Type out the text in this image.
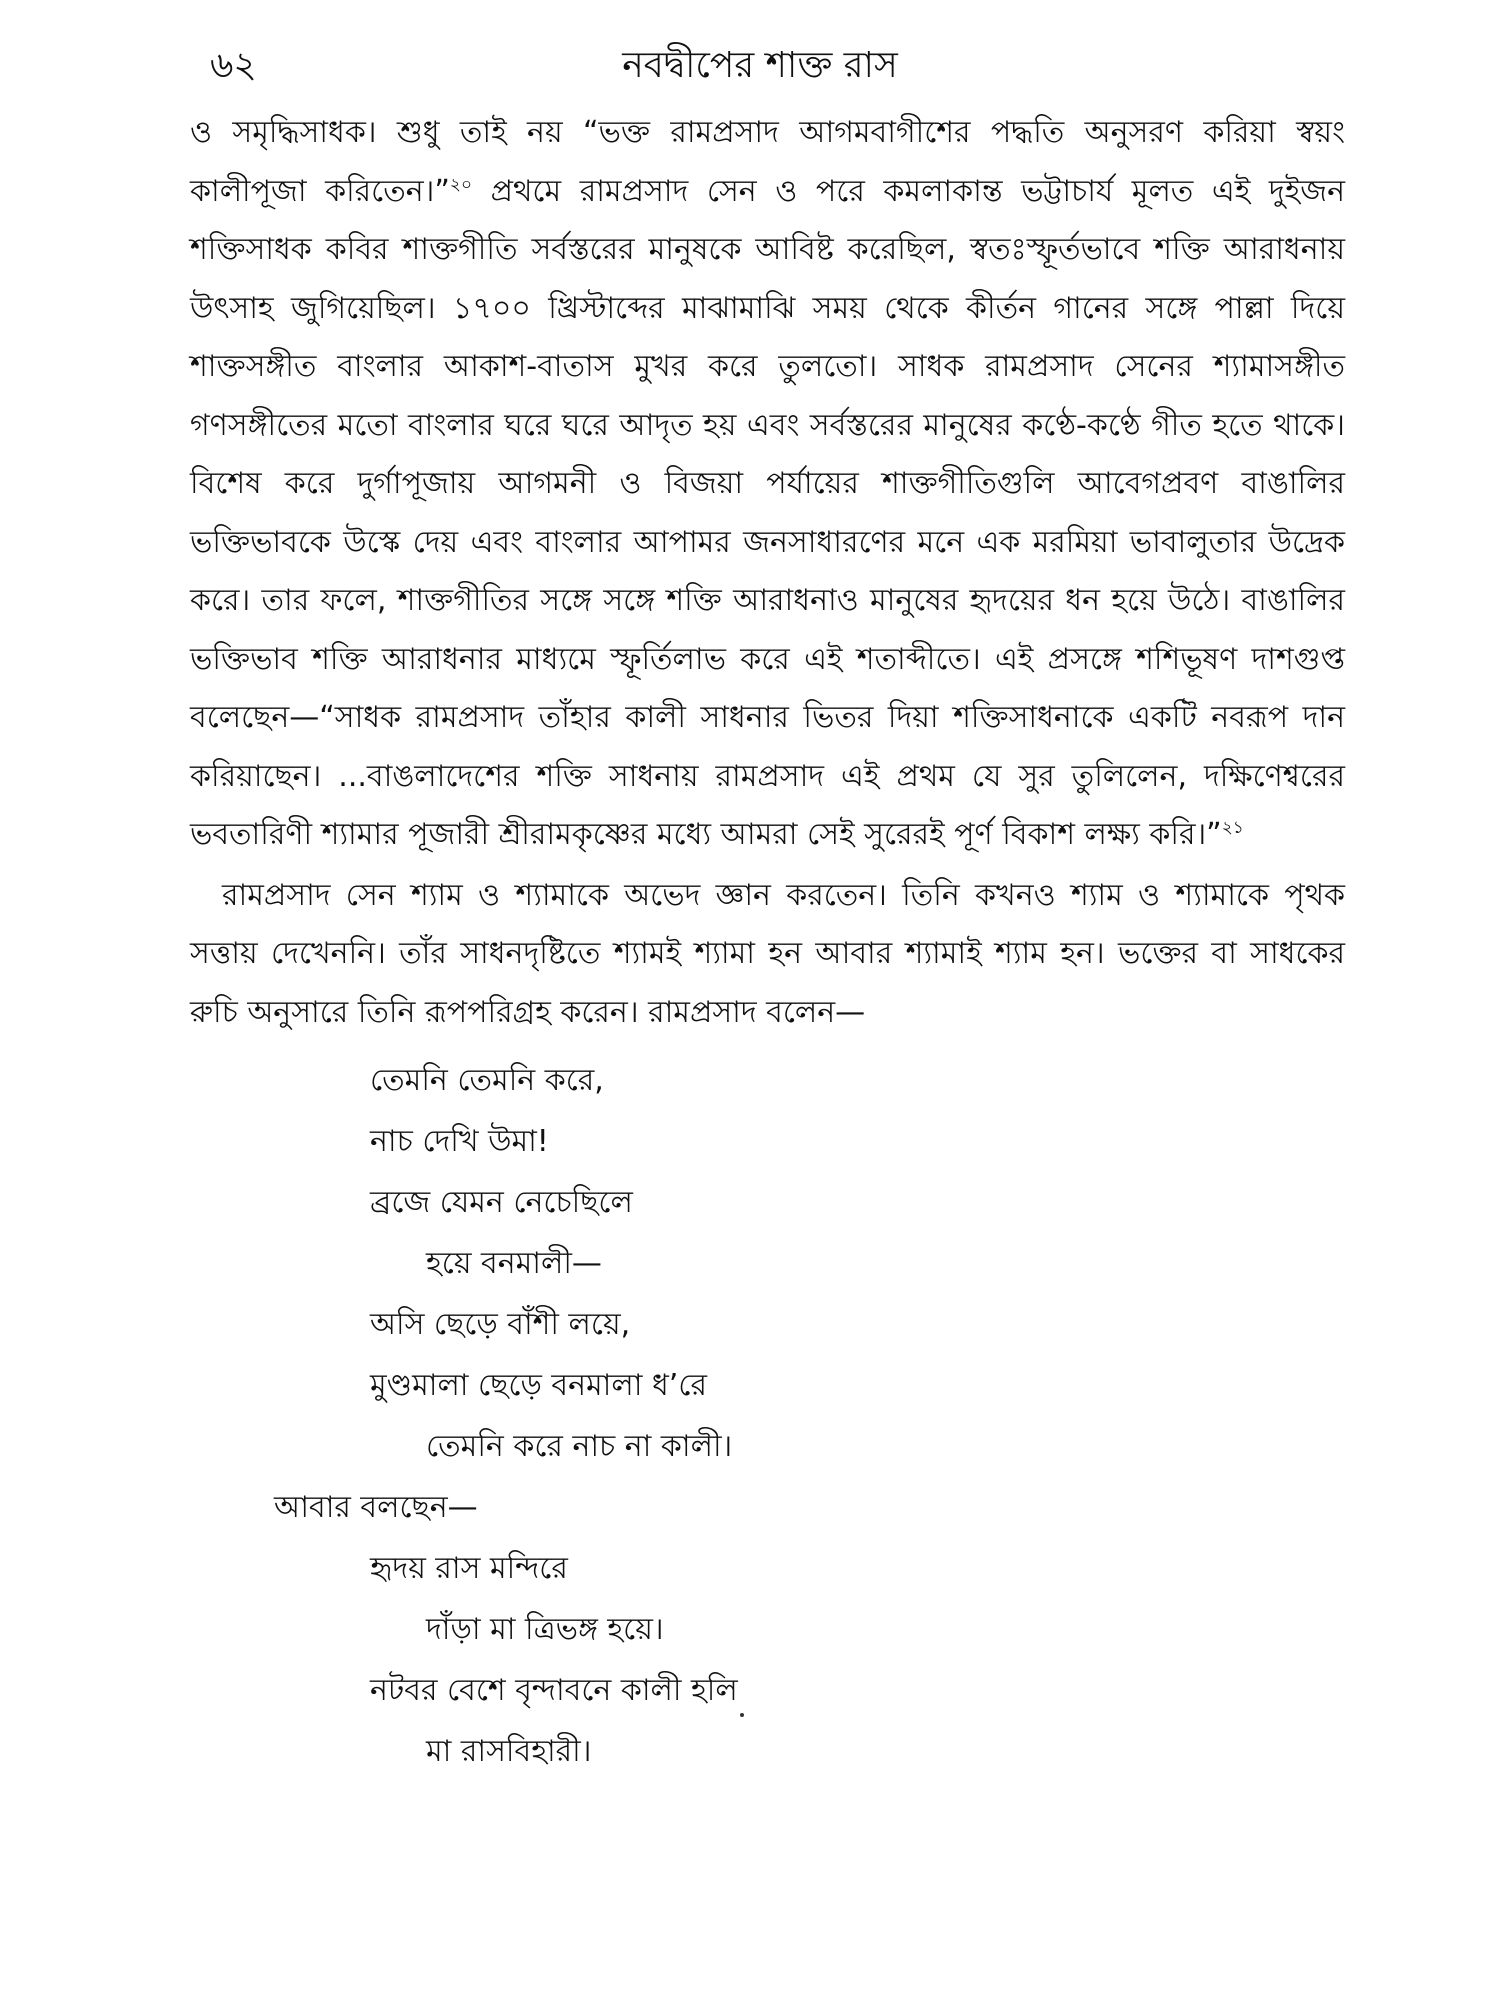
৬২	নবদ্বীপের শাক্ত রাস

ও সমৃদ্ধিসাধক। শুধু তাই নয় “ভক্ত রামপ্রসাদ আগমবাগীশের পদ্ধতি অনুসরণ করিয়া স্বয়ং কালীপূজা করিতেন।”$^{২০}$ প্রথমে রামপ্রসাদ সেন ও পরে কমলাকান্ত ভট্টাচার্য মূলত এই দুইজন শক্তিসাধক কবির শাক্তগীতি সর্বস্তরের মানুষকে আবিষ্ট করেছিল, স্বতঃস্ফূর্তভাবে শক্তি আরাধনায় উৎসাহ জুগিয়েছিল। ১৭০০ খ্রিস্টাব্দের মাঝামাঝি সময় থেকে কীর্তন গানের সঙ্গে পাল্লা দিয়ে শাক্তসঙ্গীত বাংলার আকাশ-বাতাস মুখর করে তুলতো। সাধক রামপ্রসাদ সেনের শ্যামাসঙ্গীত গণসঙ্গীতের মতো বাংলার ঘরে ঘরে আদৃত হয় এবং সর্বস্তরের মানুষের কণ্ঠে-কণ্ঠে গীত হতে থাকে। বিশেষ করে দুর্গাপূজায় আগমনী ও বিজয়া পর্যায়ের শাক্তগীতিগুলি আবেগপ্রবণ বাঙালির ভক্তিভাবকে উস্কে দেয় এবং বাংলার আপামর জনসাধারণের মনে এক মরমিয়া ভাবালুতার উদ্রেক করে। তার ফলে, শাক্তগীতির সঙ্গে সঙ্গে শক্তি আরাধনাও মানুষের হৃদয়ের ধন হয়ে উঠে। বাঙালির ভক্তিভাব শক্তি আরাধনার মাধ্যমে স্ফূর্তিলাভ করে এই শতাব্দীতে। এই প্রসঙ্গে শশিভূষণ দাশগুপ্ত বলেছেন—“সাধক রামপ্রসাদ তাঁহার কালী সাধনার ভিতর দিয়া শক্তিসাধনাকে একটি নবরূপ দান করিয়াছেন। ...বাঙলাদেশের শক্তি সাধনায় রামপ্রসাদ এই প্রথম যে সুর তুলিলেন, দক্ষিণেশ্বরের ভবতারিণী শ্যামার পূজারী শ্রীরামকৃষ্ণের মধ্যে আমরা সেই সুরেরই পূর্ণ বিকাশ লক্ষ্য করি।”$^{২১}$

রামপ্রসাদ সেন শ্যাম ও শ্যামাকে অভেদ জ্ঞান করতেন। তিনি কখনও শ্যাম ও শ্যামাকে পৃথক সত্তায় দেখেননি। তাঁর সাধনদৃষ্টিতে শ্যামই শ্যামা হন আবার শ্যামাই শ্যাম হন। ভক্তের বা সাধকের রুচি অনুসারে তিনি রূপপরিগ্রহ করেন। রামপ্রসাদ বলেন—

তেমনি তেমনি করে,
নাচ দেখি উমা!
ব্রজে যেমন নেচেছিলে
হয়ে বনমালী—
অসি ছেড়ে বাঁশী লয়ে,
মুণ্ডমালা ছেড়ে বনমালা ধ’রে
তেমনি করে নাচ না কালী।
আবার বলছেন—
হৃদয় রাস মন্দিরে
দাঁড়া মা ত্রিভঙ্গ হয়ে।
নটবর বেশে বৃন্দাবনে কালী হলি
মা রাসবিহারী।
